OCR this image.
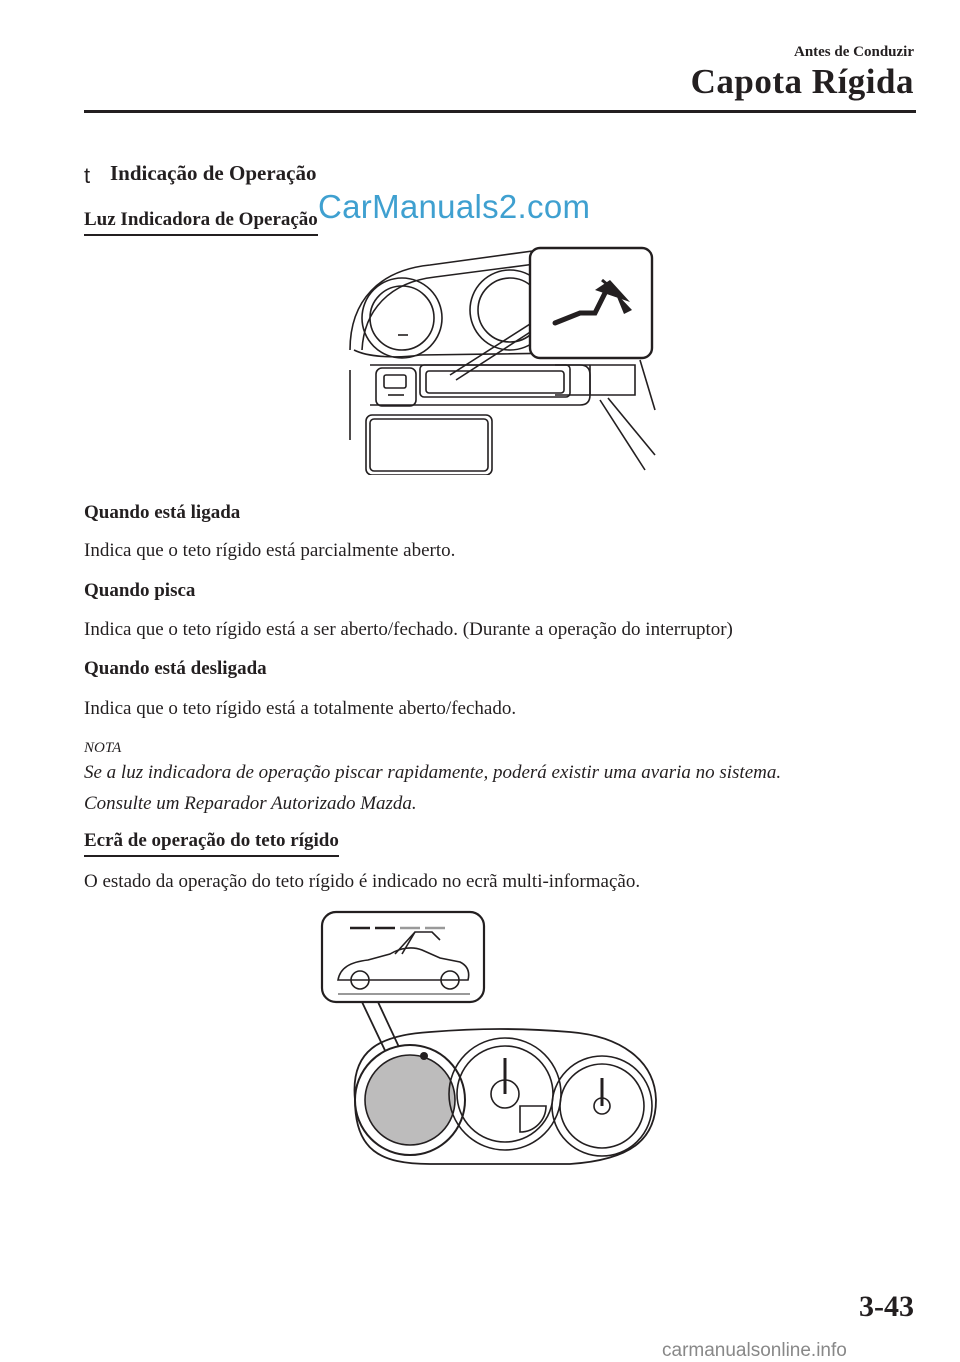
Antes de Conduzir
Capota Rígida
t Indicação de Operação
Luz Indicadora de Operação CarManuals2.com
Quando está ligada
Indica que o teto rígido está parcialmente aberto.
Quando pisca
Indica que o teto rígido está a ser aberto/fechado. (Durante a operação do interruptor)
Quando está desligada
Indica que o teto rígido está a totalmente aberto/fechado.
NOTA
Se a luz indicadora de operação piscar rapidamente, poderá existir uma avaria no sistema.
Consulte um Reparador Autorizado Mazda.
Ecrã de operação do teto rígido
O estado da operação do teto rígido é indicado no ecrã multi-informação.
3-43
carmanualsonline.info
